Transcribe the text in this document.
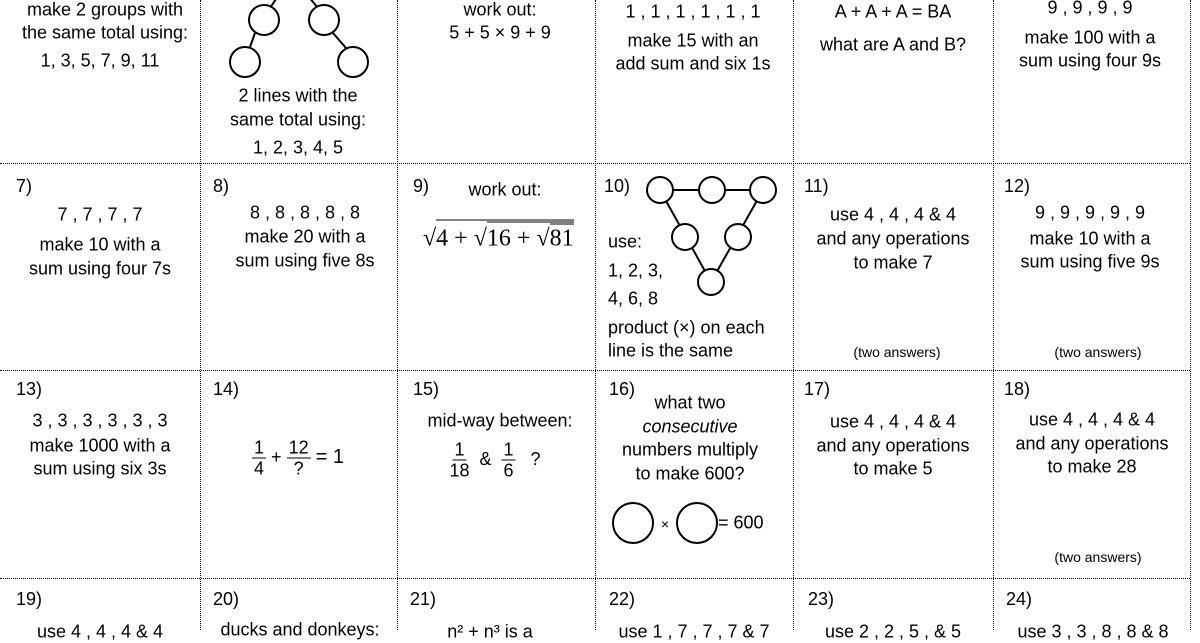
make 2 groups with
the same total using:
1, 3, 5, 7, 9, 11
2 lines with the
same total using:
1, 2, 3, 4, 5
work out:
5 + 5 × 9 + 9
1 , 1 , 1 , 1 , 1 , 1
make 15 with an
add sum and six 1s
A + A + A = BA
what are A and B?
9 , 9 , 9 , 9
make 100 with a
sum using four 9s
7)	8)	9)	10)	11)	12)
7 , 7 , 7 , 7
make 10 with a
sum using four 7s
8 , 8 , 8 , 8 , 8
make 20 with a
sum using five 8s
work out:
√4 + √16 + √81 use:
1, 2, 3,
4, 6, 8
product (×) on each
line is the same
use 4 , 4 , 4 & 4
and any operations
to make 7
(two answers)
9 , 9 , 9 , 9 , 9
make 10 with a
sum using five 9s
(two answers)
13)	14)	15)	16)	17)	18)
3 , 3 , 3 , 3 , 3 , 3
make 1000 with a
sum using six 3s	$\frac{1}{4} + \frac{12}{?} = 1$
mid-way between:
$\frac{1}{18}$ & $\frac{1}{6}$ ?
what two
consecutive
numbers multiply
to make 600?
×	= 600
use 4 , 4 , 4 & 4
and any operations
to make 5
use 4 , 4 , 4 & 4
and any operations
to make 28
(two answers)
19)	20)	21)	22)	23)	24)
use 4 , 4 , 4 & 4	ducks and donkeys:	n² + n³ is a	use 1 , 7 , 7 , 7 & 7	use 2 , 2 , 5 , & 5	use 3 , 3 , 8 , 8 & 8
